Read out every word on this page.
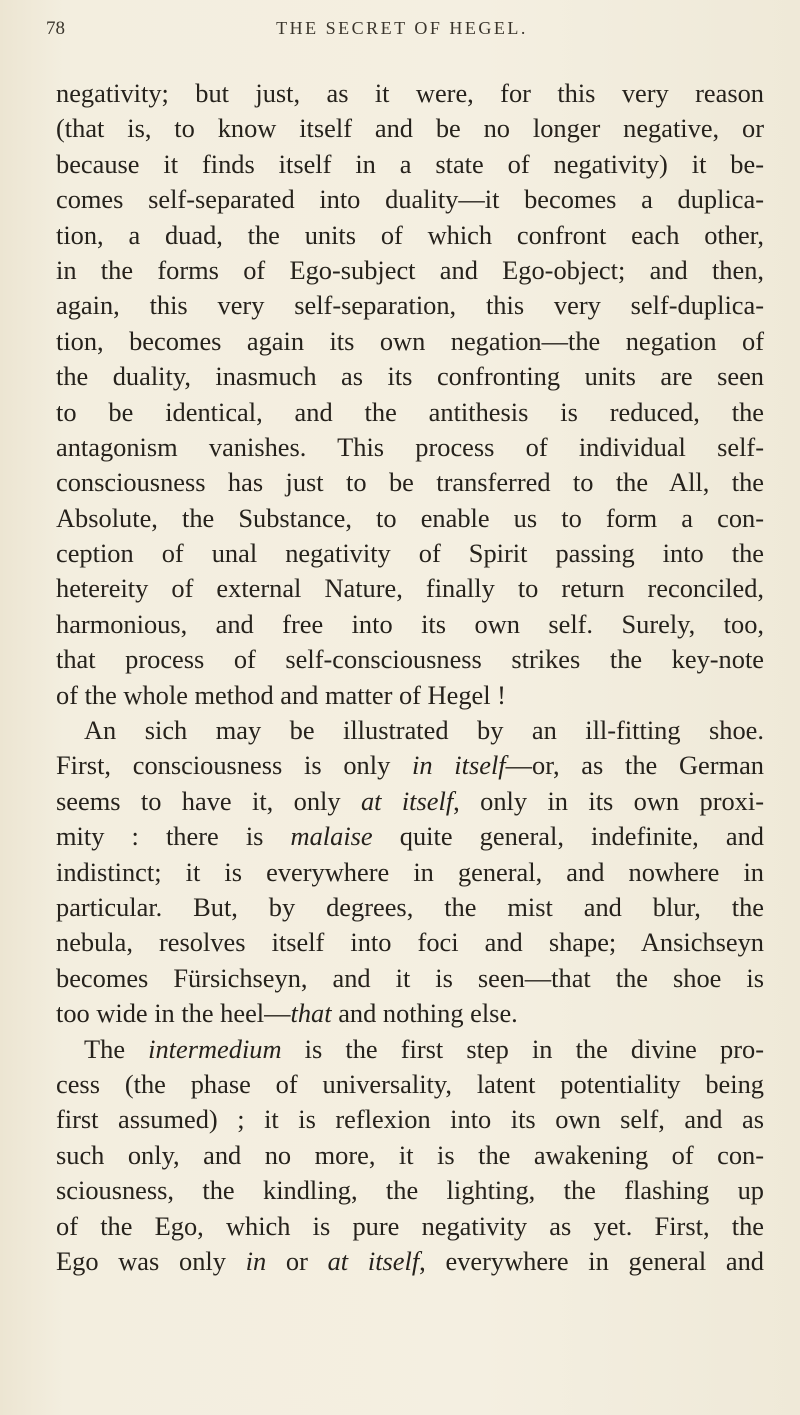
78	THE SECRET OF HEGEL.
negativity; but just, as it were, for this very reason
(that is, to know itself and be no longer negative, or
because it finds itself in a state of negativity) it be-
comes self-separated into duality—it becomes a duplica-
tion, a duad, the units of which confront each other,
in the forms of Ego-subject and Ego-object; and then,
again, this very self-separation, this very self-duplica-
tion, becomes again its own negation—the negation of
the duality, inasmuch as its confronting units are seen
to be identical, and the antithesis is reduced, the
antagonism vanishes. This process of individual self-
consciousness has just to be transferred to the All, the
Absolute, the Substance, to enable us to form a con-
ception of unal negativity of Spirit passing into the
hetereity of external Nature, finally to return reconciled,
harmonious, and free into its own self. Surely, too,
that process of self-consciousness strikes the key-note
of the whole method and matter of Hegel !
An sich may be illustrated by an ill-fitting shoe.
First, consciousness is only in itself—or, as the German
seems to have it, only at itself, only in its own proxi-
mity : there is malaise quite general, indefinite, and
indistinct; it is everywhere in general, and nowhere in
particular. But, by degrees, the mist and blur, the
nebula, resolves itself into foci and shape; Ansichseyn
becomes Fürsichseyn, and it is seen—that the shoe is
too wide in the heel—that and nothing else.
The intermedium is the first step in the divine pro-
cess (the phase of universality, latent potentiality being
first assumed) ; it is reflexion into its own self, and as
such only, and no more, it is the awakening of con-
sciousness, the kindling, the lighting, the flashing up
of the Ego, which is pure negativity as yet. First, the
Ego was only in or at itself, everywhere in general and
